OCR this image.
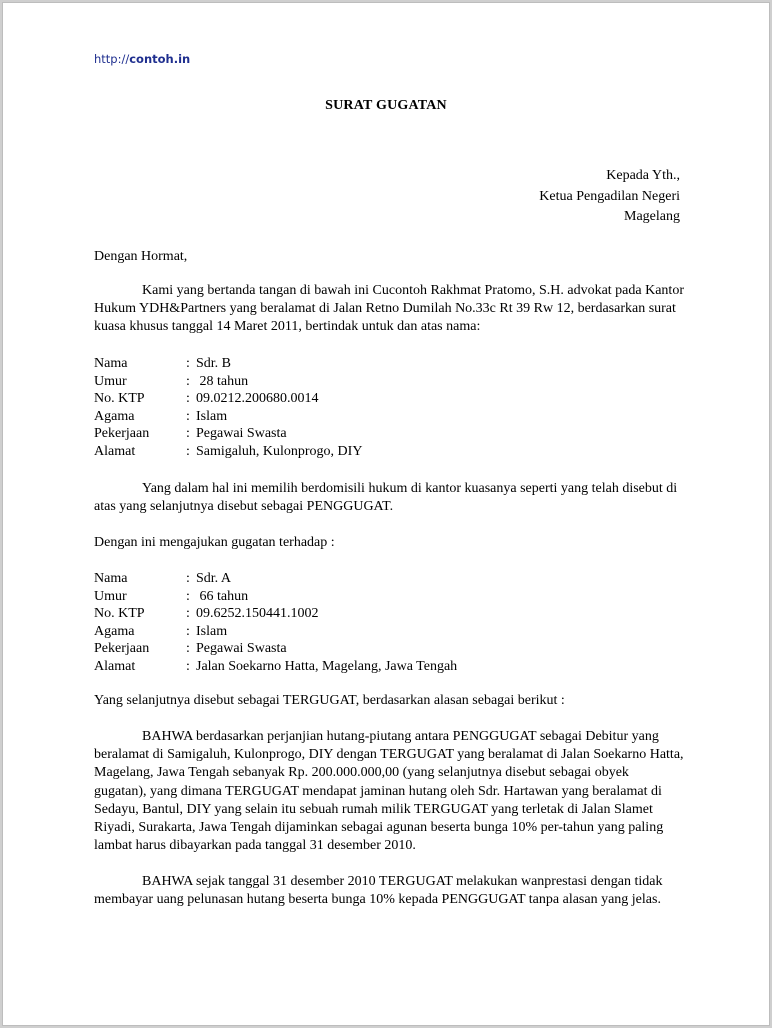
http://contoh.in
SURAT GUGATAN
Kepada Yth.,
Ketua Pengadilan Negeri
Magelang
Dengan Hormat,
Kami yang bertanda tangan di bawah ini Cucontoh Rakhmat Pratomo, S.H. advokat pada Kantor Hukum YDH&Partners yang beralamat di Jalan Retno Dumilah No.33c Rt 39 Rw 12, berdasarkan surat kuasa khusus tanggal 14 Maret 2011, bertindak untuk dan atas nama:
Nama	: Sdr. B
Umur	: 28 tahun
No. KTP	: 09.0212.200680.0014
Agama	: Islam
Pekerjaan	: Pegawai Swasta
Alamat	: Samigaluh, Kulonprogo, DIY
Yang dalam hal ini memilih berdomisili hukum di kantor kuasanya seperti yang telah disebut di atas yang selanjutnya disebut sebagai PENGGUGAT.
Dengan ini mengajukan gugatan terhadap :
Nama	: Sdr. A
Umur	: 66 tahun
No. KTP	: 09.6252.150441.1002
Agama	: Islam
Pekerjaan	: Pegawai Swasta
Alamat	: Jalan Soekarno Hatta, Magelang, Jawa Tengah
Yang selanjutnya disebut sebagai TERGUGAT, berdasarkan alasan sebagai berikut :
BAHWA berdasarkan perjanjian hutang-piutang antara PENGGUGAT sebagai Debitur yang beralamat di Samigaluh, Kulonprogo, DIY dengan TERGUGAT yang beralamat di Jalan Soekarno Hatta, Magelang, Jawa Tengah sebanyak Rp. 200.000.000,00 (yang selanjutnya disebut sebagai obyek gugatan), yang dimana TERGUGAT mendapat jaminan hutang oleh Sdr. Hartawan yang beralamat di Sedayu, Bantul, DIY yang selain itu sebuah rumah milik TERGUGAT yang terletak di Jalan Slamet Riyadi, Surakarta, Jawa Tengah dijaminkan sebagai agunan beserta bunga 10% per-tahun yang paling lambat harus dibayarkan pada tanggal 31 desember 2010.
BAHWA sejak tanggal 31 desember 2010 TERGUGAT melakukan wanprestasi dengan tidak membayar uang pelunasan hutang beserta bunga 10% kepada PENGGUGAT tanpa alasan yang jelas.
